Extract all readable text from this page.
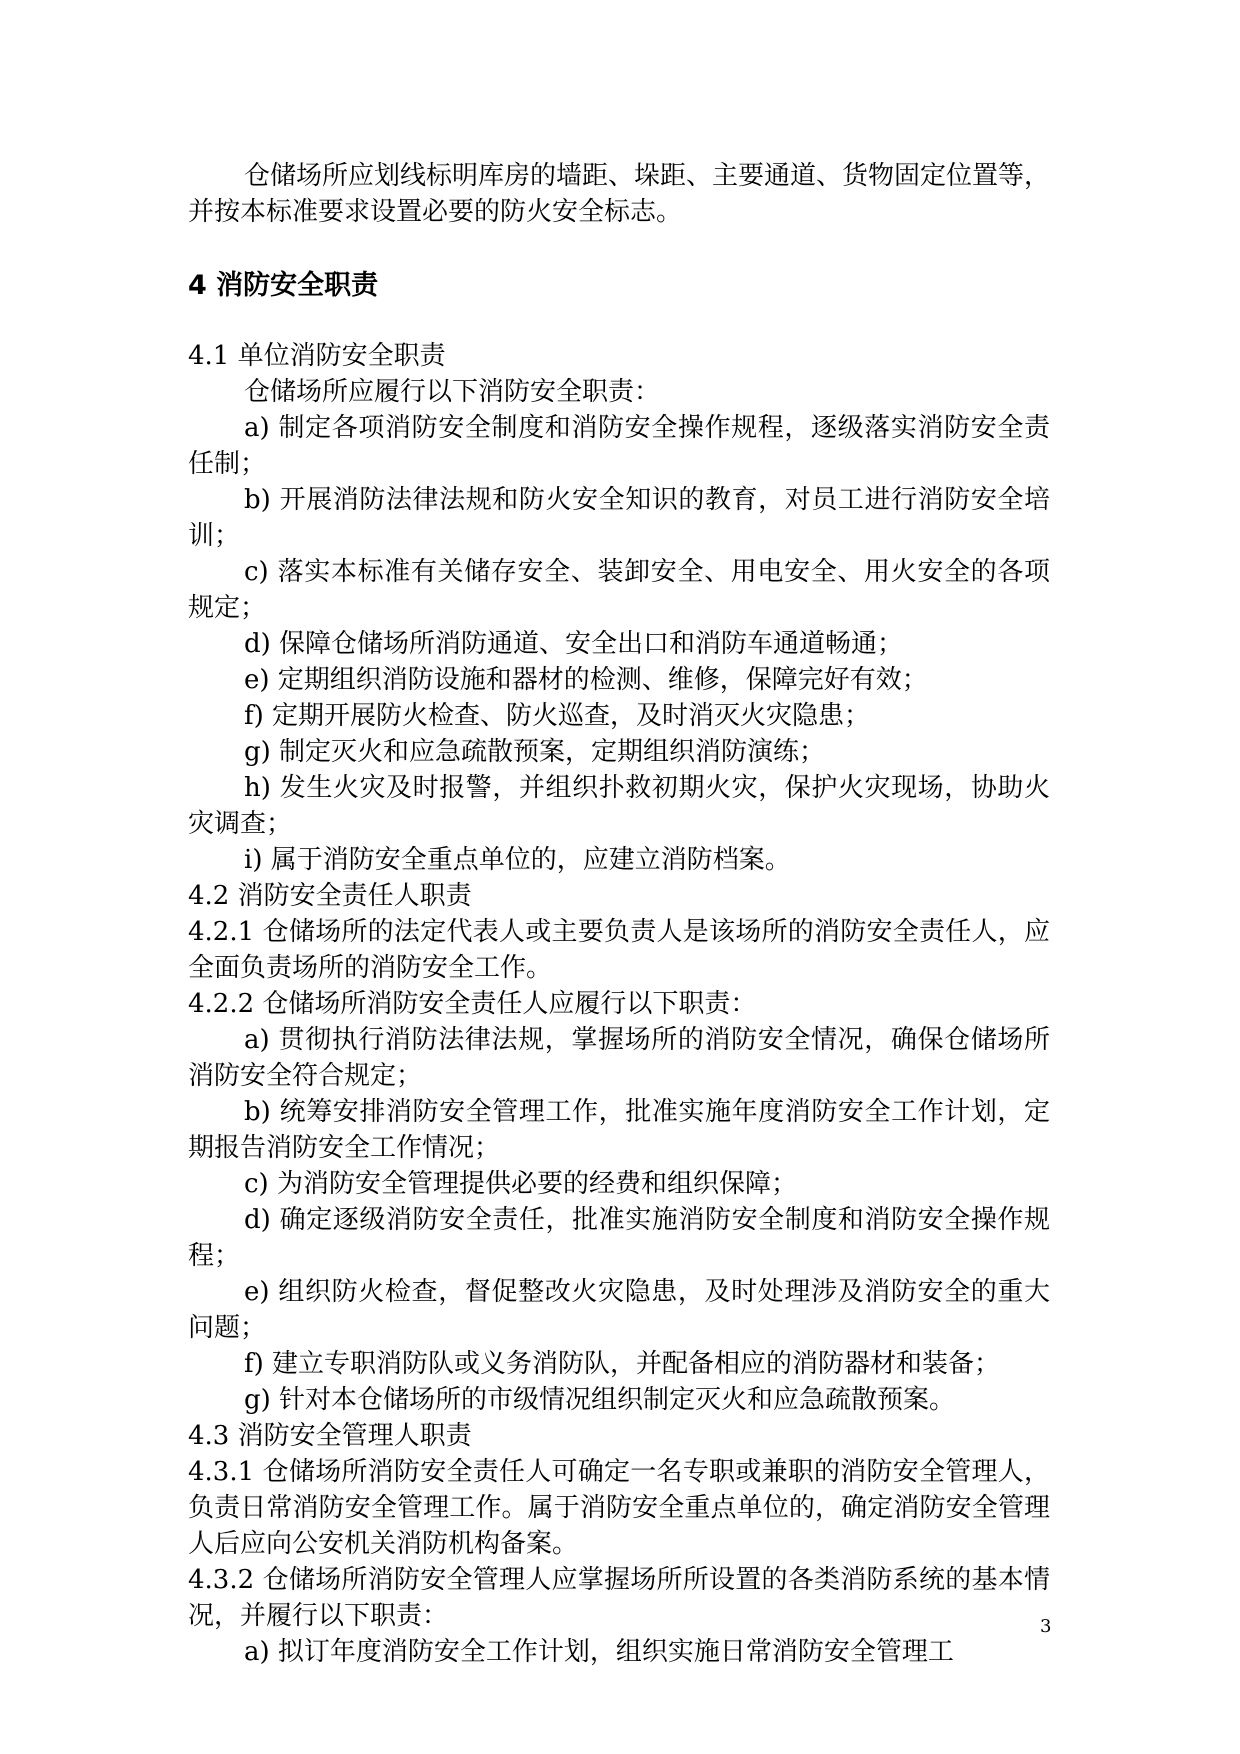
仓储场所应划线标明库房的墙距、垛距、主要通道、货物固定位置等，并按本标准要求设置必要的防火安全标志。

4 消防安全职责

4.1 单位消防安全职责

仓储场所应履行以下消防安全职责：

a) 制定各项消防安全制度和消防安全操作规程，逐级落实消防安全责任制；

b) 开展消防法律法规和防火安全知识的教育，对员工进行消防安全培训；

c) 落实本标准有关储存安全、装卸安全、用电安全、用火安全的各项规定；

d) 保障仓储场所消防通道、安全出口和消防车通道畅通；

e) 定期组织消防设施和器材的检测、维修，保障完好有效；

f) 定期开展防火检查、防火巡查，及时消灭火灾隐患；

g) 制定灭火和应急疏散预案，定期组织消防演练；

h) 发生火灾及时报警，并组织扑救初期火灾，保护火灾现场，协助火灾调查；

i) 属于消防安全重点单位的，应建立消防档案。

4.2 消防安全责任人职责

4.2.1 仓储场所的法定代表人或主要负责人是该场所的消防安全责任人，应全面负责场所的消防安全工作。

4.2.2 仓储场所消防安全责任人应履行以下职责：

a) 贯彻执行消防法律法规，掌握场所的消防安全情况，确保仓储场所消防安全符合规定；

b) 统筹安排消防安全管理工作，批准实施年度消防安全工作计划，定期报告消防安全工作情况；

c) 为消防安全管理提供必要的经费和组织保障；

d) 确定逐级消防安全责任，批准实施消防安全制度和消防安全操作规程；

e) 组织防火检查，督促整改火灾隐患，及时处理涉及消防安全的重大问题；

f) 建立专职消防队或义务消防队，并配备相应的消防器材和装备；

g) 针对本仓储场所的市级情况组织制定灭火和应急疏散预案。

4.3 消防安全管理人职责

4.3.1 仓储场所消防安全责任人可确定一名专职或兼职的消防安全管理人，负责日常消防安全管理工作。属于消防安全重点单位的，确定消防安全管理人后应向公安机关消防机构备案。

4.3.2 仓储场所消防安全管理人应掌握场所所设置的各类消防系统的基本情况，并履行以下职责：

a) 拟订年度消防安全工作计划，组织实施日常消防安全管理工

3
